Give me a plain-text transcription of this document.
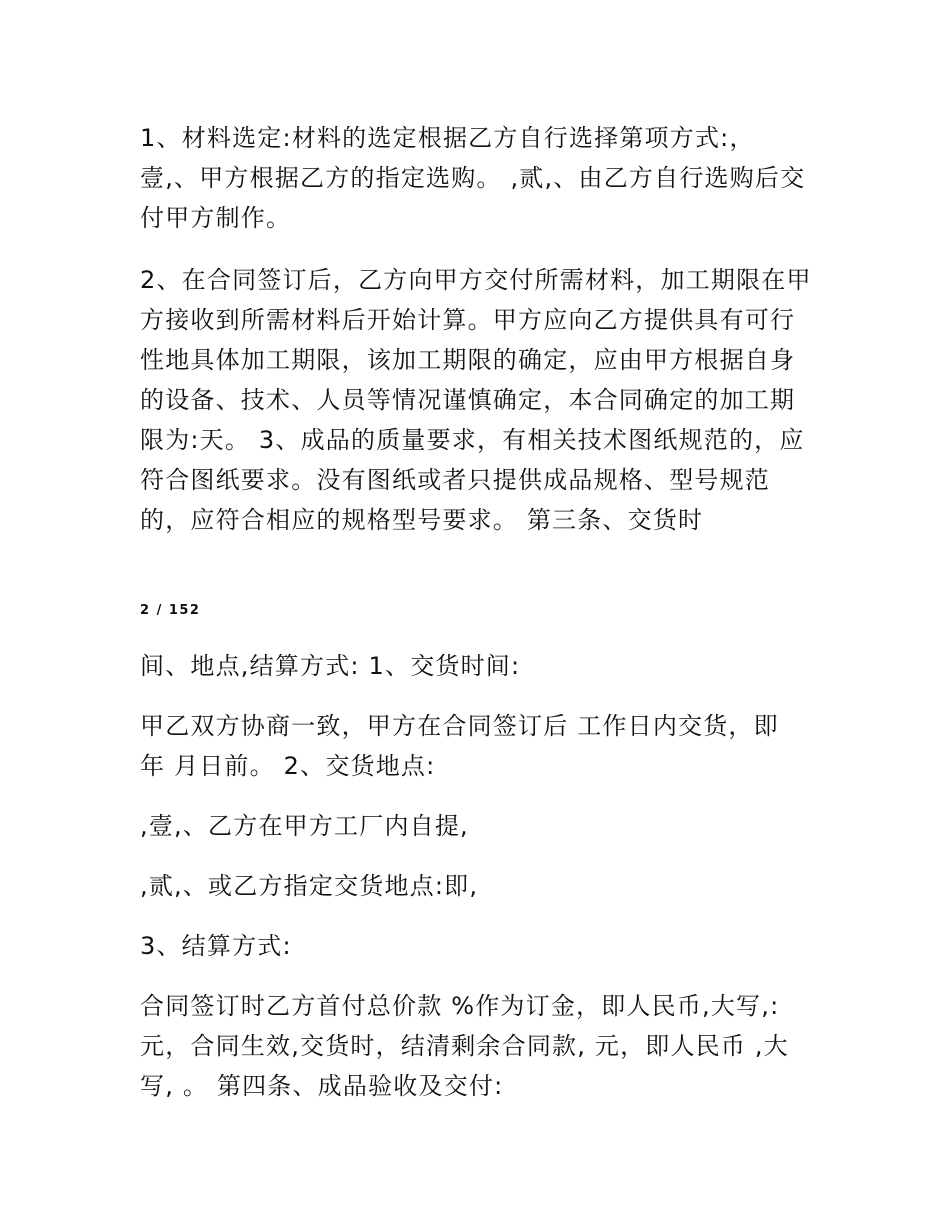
1、材料选定:材料的选定根据乙方自行选择第项方式:，壹,、甲方根据乙方的指定选购。 ,贰,、由乙方自行选购后交付甲方制作。

2、在合同签订后，乙方向甲方交付所需材料，加工期限在甲方接收到所需材料后开始计算。甲方应向乙方提供具有可行性地具体加工期限，该加工期限的确定，应由甲方根据自身的设备、技术、人员等情况谨慎确定，本合同确定的加工期限为:天。 3、成品的质量要求，有相关技术图纸规范的，应符合图纸要求。没有图纸或者只提供成品规格、型号规范的，应符合相应的规格型号要求。 第三条、交货时

2 / 152

间、地点,结算方式: 1、交货时间:

甲乙双方协商一致，甲方在合同签订后 工作日内交货，即 年 月日前。 2、交货地点:

,壹,、乙方在甲方工厂内自提,

,贰,、或乙方指定交货地点:即,

3、结算方式:

合同签订时乙方首付总价款 %作为订金，即人民币,大写,: 元，合同生效,交货时，结清剩余合同款, 元，即人民币 ,大写, 。 第四条、成品验收及交付:
